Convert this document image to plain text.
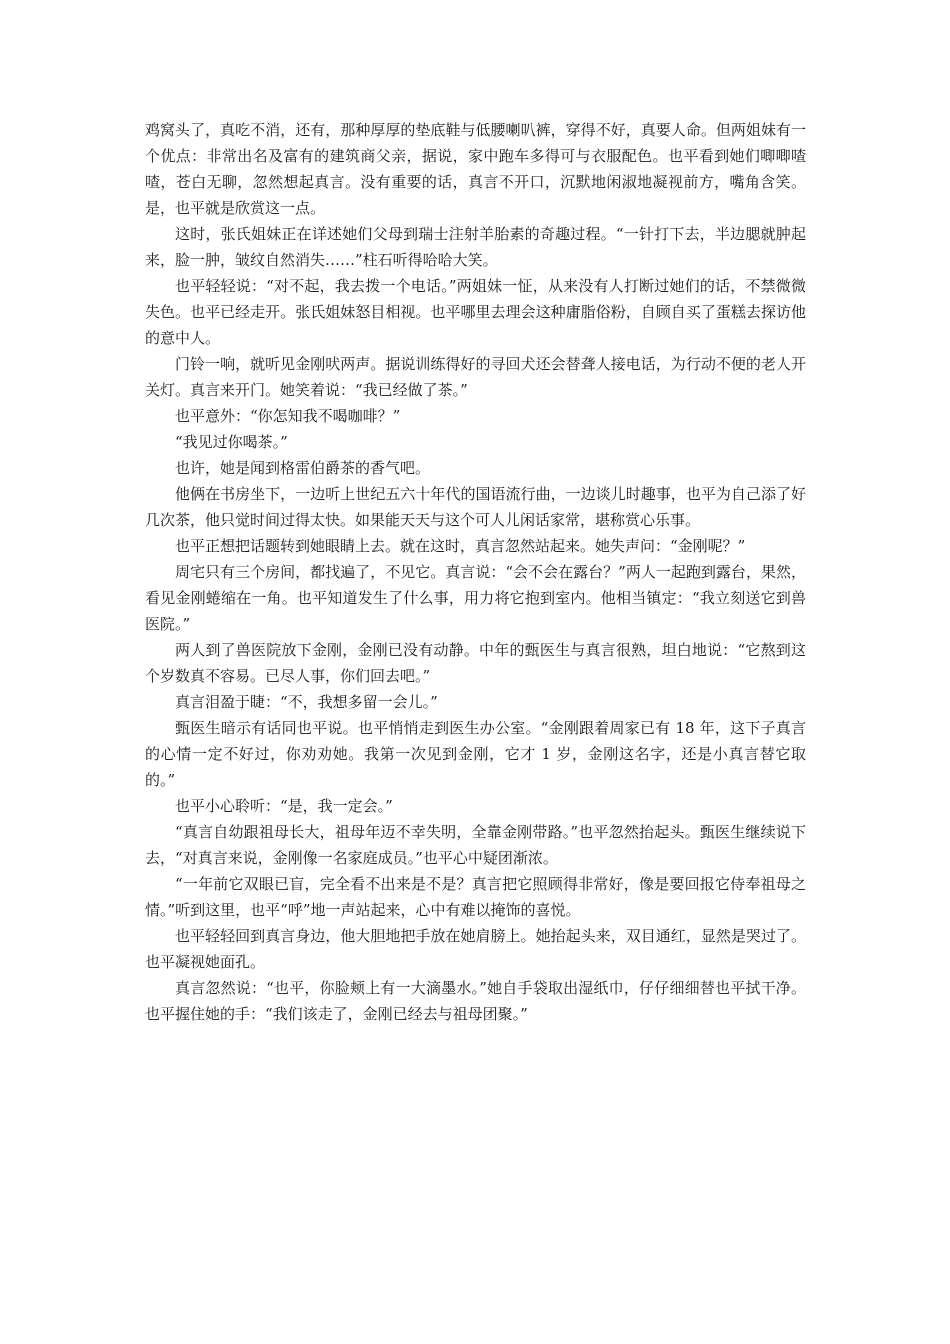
鸡窝头了，真吃不消，还有，那种厚厚的垫底鞋与低腰喇叭裤，穿得不好，真要人命。但两姐妹有一个优点：非常出名及富有的建筑商父亲，据说，家中跑车多得可与衣服配色。也平看到她们唧唧喳喳，苍白无聊，忽然想起真言。没有重要的话，真言不开口，沉默地闲淑地凝视前方，嘴角含笑。是，也平就是欣赏这一点。

这时，张氏姐妹正在详述她们父母到瑞士注射羊胎素的奇趣过程。“一针打下去，半边腮就肿起来，脸一肿，皱纹自然消失……”柱石听得哈哈大笑。

也平轻轻说：“对不起，我去拨一个电话。”两姐妹一怔，从来没有人打断过她们的话，不禁微微失色。也平已经走开。张氏姐妹怒目相视。也平哪里去理会这种庸脂俗粉，自顾自买了蛋糕去探访他的意中人。

门铃一响，就听见金刚吠两声。据说训练得好的寻回犬还会替聋人接电话，为行动不便的老人开关灯。真言来开门。她笑着说：“我已经做了茶。”

也平意外：“你怎知我不喝咖啡？”

“我见过你喝茶。”

也许，她是闻到格雷伯爵茶的香气吧。

他俩在书房坐下，一边听上世纪五六十年代的国语流行曲，一边谈儿时趣事，也平为自己添了好几次茶，他只觉时间过得太快。如果能天天与这个可人儿闲话家常，堪称赏心乐事。

也平正想把话题转到她眼睛上去。就在这时，真言忽然站起来。她失声问：“金刚呢？”

周宅只有三个房间，都找遍了，不见它。真言说：“会不会在露台？”两人一起跑到露台，果然，看见金刚蜷缩在一角。也平知道发生了什么事，用力将它抱到室内。他相当镇定：“我立刻送它到兽医院。”

两人到了兽医院放下金刚，金刚已没有动静。中年的甄医生与真言很熟，坦白地说：“它熬到这个岁数真不容易。已尽人事，你们回去吧。”

真言泪盈于睫：“不，我想多留一会儿。”

甄医生暗示有话同也平说。也平悄悄走到医生办公室。“金刚跟着周家已有 18 年，这下子真言的心情一定不好过，你劝劝她。我第一次见到金刚，它才 1 岁，金刚这名字，还是小真言替它取的。”

也平小心聆听：“是，我一定会。”

“真言自幼跟祖母长大，祖母年迈不幸失明，全靠金刚带路。”也平忽然抬起头。甄医生继续说下去，“对真言来说，金刚像一名家庭成员。”也平心中疑团渐浓。

“一年前它双眼已盲，完全看不出来是不是？真言把它照顾得非常好，像是要回报它侍奉祖母之情。”听到这里，也平“呼”地一声站起来，心中有难以掩饰的喜悦。

也平轻轻回到真言身边，他大胆地把手放在她肩膀上。她抬起头来，双目通红，显然是哭过了。也平凝视她面孔。

真言忽然说：“也平，你脸颊上有一大滴墨水。”她自手袋取出湿纸巾，仔仔细细替也平拭干净。也平握住她的手：“我们该走了，金刚已经去与祖母团聚。”
